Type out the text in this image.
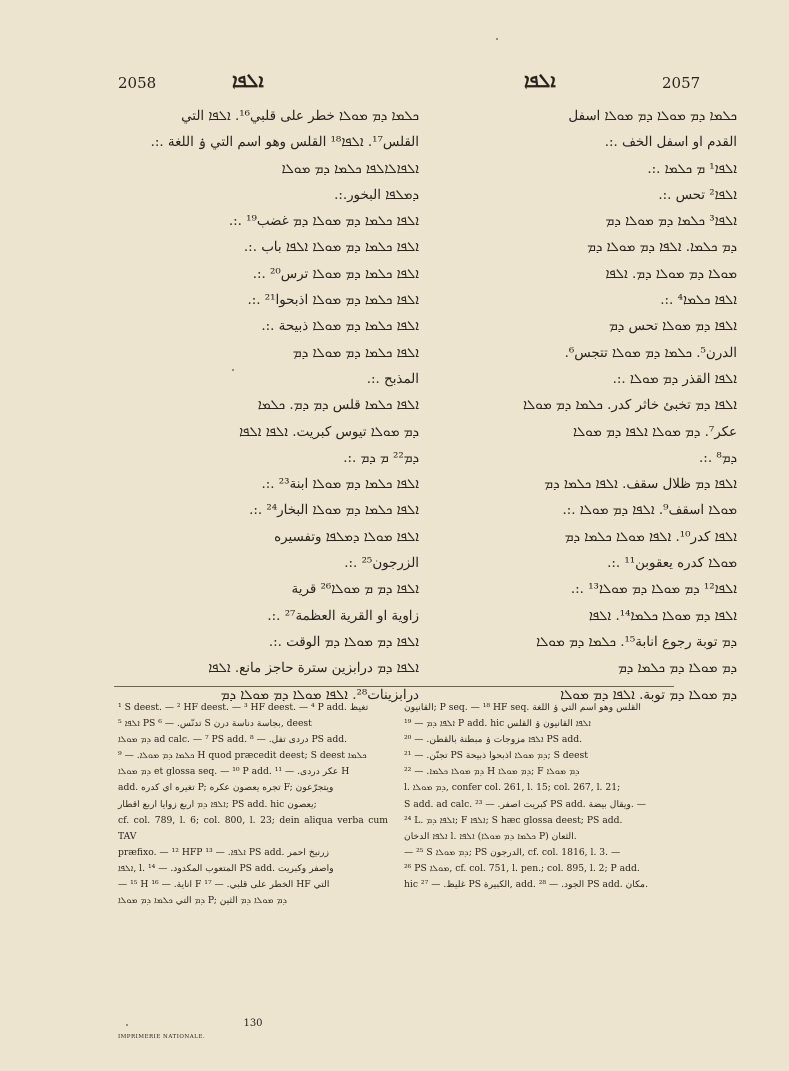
2058	ܐܠܦܐ	ܐܠܦܐ	2057

ܟܠܡܐ ܕܡ ܡܘܠܐ خطر على قلبي¹⁶. ܐܠܦܐ التي

القلس¹⁷. ܐܠܦܐ¹⁸ القلس وهو اسم التي ۏ اللغة .:.

ܐܠܦܐܠܐܠܦܐ ܟܠܡܐ ܕܡ ܡܘܠܐ

ܕܡܠܦܐ البخور.:.

ܐܠܦܐ ܟܠܡܐ ܕܡ ܡܘܠܐ ܕܡ غضب¹⁹ .:.

ܐܠܦܐ ܟܠܡܐ ܕܡ ܡܘܠܐ ܐܠܦܐ باب .:.

ܐܠܦܐ ܟܠܡܐ ܕܡ ܡܘܠܐ ترس²⁰ .:.

ܐܠܦܐ ܟܠܡܐ ܕܡ ܡܘܠܐ اذبحوا²¹ .:.

ܐܠܦܐ ܟܠܡܐ ܕܡ ܡܘܠܐ ذبيحة .:.

ܐܠܦܐ ܟܠܡܐ ܕܡ ܡܘܠܐ ܕܡ

المذبح .:.

ܐܠܦܐ ܟܠܡܐ قلس ܕܡ ܕܡ. ܟܠܡܐ

ܕܡ ܡܘܠܐ تيوس كبريت. ܐܠܦܐ ܐܠܦܐ

ܕܡ²² ܡ ܕܡ .:.

ܐܠܦܐ ܟܠܡܐ ܕܡ ܡܘܠܐ ابنة²³ .:.

ܐܠܦܐ ܟܠܡܐ ܕܡ ܡܘܠܐ البخار²⁴ .:.

ܐܠܦܐ ܡܘܠܐ ܕܡܠܦܐ وتفسيره

الزرجون²⁵ .:.

ܐܠܦܐ ܕܡ ܡ ܡܘܠܐ²⁶ قرية

زاوية او القرية العظمة²⁷ .:.

ܐܠܦܐ ܕܡ ܡܘܠܐ ܕܡ الوقت .:.

ܐܠܦܐ ܕܡ درابزين سترة حاجز مانع. ܐܠܦܐ

درابزينات²⁸. ܐܠܦܐ ܡܘܠܐ ܕܡ ܡܘܠܐ ܕܡ

ܟܠܡܐ ܕܡ ܡܘܠܐ ܕܡ ܡܘܠܐ اسفل

القدم او اسفل الخف .:.

ܐܠܦܐ¹ ܡ ܟܠܡܐ .:.

ܐܠܦܐ² تحس .:.

ܐܠܦܐ³ ܟܠܡܐ ܕܡ ܡܘܠܐ ܕܡ

ܕܡ ܟܠܡܐ. ܐܠܦܐ ܕܡ ܡܘܠܐ ܕܡ

ܡܘܠܐ ܕܡ ܡܘܠܐ ܕܡ. ܐܠܦܐ

ܐܠܦܐ ܟܠܡܐ⁴ .:.

ܐܠܦܐ ܕܡ ܡܘܠܐ تحس ܕܡ

الدرن⁵. ܟܠܡܐ ܕܡ ܡܘܠܐ تتجس⁶.

ܐܠܦܐ القذر ܕܡ ܡܘܠܐ .:.

ܐܠܦܐ ܕܡ تخبئ خاثر كدر. ܟܠܡܐ ܕܡ ܡܘܠܐ

عكر⁷. ܕܡ ܡܘܠܐ ܐܠܦܐ ܕܡ ܡܘܠܐ

ܕܡ⁸ .:.

ܐܠܦܐ ܕܡ ظلال سقف. ܐܠܦܐ ܟܠܡܐ ܕܡ

ܡܘܠܐ اسقف⁹. ܐܠܦܐ ܕܡ ܡܘܠܐ .:.

ܐܠܦܐ كدر¹⁰. ܐܠܦܐ ܡܘܠܐ ܟܠܡܐ ܕܡ

ܡܘܠܐ كدره يعقوبن¹¹ .:.

ܐܠܦܐ¹² ܕܡ ܡܘܠܐ ܕܡ ܡܘܠܐ¹³ .:.

ܐܠܦܐ ܕܡ ܡܘܠܐ ܟܠܡܐ¹⁴. ܐܠܦܐ

ܕܡ توبة رجوع انابة¹⁵. ܟܠܡܐ ܕܡ ܡܘܠܐ

ܕܡ ܡܘܠܐ ܕܡ ܟܠܡܐ ܕܡ

ܕܡ ܡܘܠܐ ܕܡ توبة. ܐܠܦܐ ܕܡ ܡܘܠܐ

¹ S deest. — ² HF deest. — ³ HF deest. — ⁴ P add. تغيظ
ܐܠܦܐ ⁵ PS تدنّس. — ⁶ S بجاسة دناسة درن, deest
ܕܡ ܡܘܠܐ ad calc. — ⁷ PS add. دردى تفل. — ⁸ PS add.
ܟܠܡܐ ܕܡ ܡܘܠܐ. — ⁹ H quod præcedit deest; S deest ܟܠܡܐ
ܕܡ ܡܘܠܐ et glossa seq. — ¹⁰ P add. عكر دردى. — ¹¹ H
add. تغيره اي كدره P; تجره يعصون عكره F; ويتجرّعون
ܐܠܦܐ ܕܡ اربع زوايا اربع اقطار; PS add. hic يعصون;
cf. col. 789, l. 6; col. 800, l. 23; dein aliqua verba cum TAV
præfixo. — ¹² HFP ܐܠܦܐ. — ¹³ PS add. زرنيخ احمر
ܐܠܦܐ, l. المتعوب المكدود. — ¹⁴ PS add. واصفر وكبريت
— ¹⁵ H اناية. — ¹⁶ F الخطر على قلبي. — ¹⁷ HF التي
ܕܡ التي ܟܠܡܐ ܕܡ ܡܘܠܐ P; ܕܡ ܡܘܠܐ ܕܡ الثين
القانيون; P seq. — ¹⁸ HF seq. القلس وهو اسم التي ۏ اللغة
ܐܠܦܐ ܕܡ — ¹⁹ P add. hic ܐܠܦܐ القانيون ۏ القلس
ܐܠܦܐ مزوجات ۏ مبطنة بالقطن. — ²⁰ PS add.
تجنّن. — ²¹ PS ܕܡ ܡܘܠܐ اذبحوا ذبيحة; S deest
ܕܡ ܡܘܠܐ ܟܠܡܐ. — ²² H ܕܡ ܡܘܠܐ; F ܕܡ ܡܘܠܐ
l. ܕܡ ܡܘܠܐ, confer col. 261, l. 15; col. 267, l. 21;
S add. ad calc. كبريت اصفر. — ²³ PS add. ويقال بيضة. —
²⁴ L. ܐܠܦܐ ܕܡ; F ܐܠܦܐ; S hæc glossa deest; PS add.
ܐܠܦܐ الدخان l. ܐܠܦܐ (ܟܠܡܐ ܕܡ ܡܘܠܐ P) الثعان.
— ²⁵ S ܕܡ ܡܘܠܐ; PS الدرجون, cf. col. 1816, l. 3. —
²⁶ PS ܡܘܠܐ, cf. col. 751, l. pen.; col. 895, l. 2; P add.
hic غليظ. — ²⁷ PS الكبيرة, add. الجود. — ²⁸ PS add. مكان.
130
IMPRIMERIE NATIONALE.
